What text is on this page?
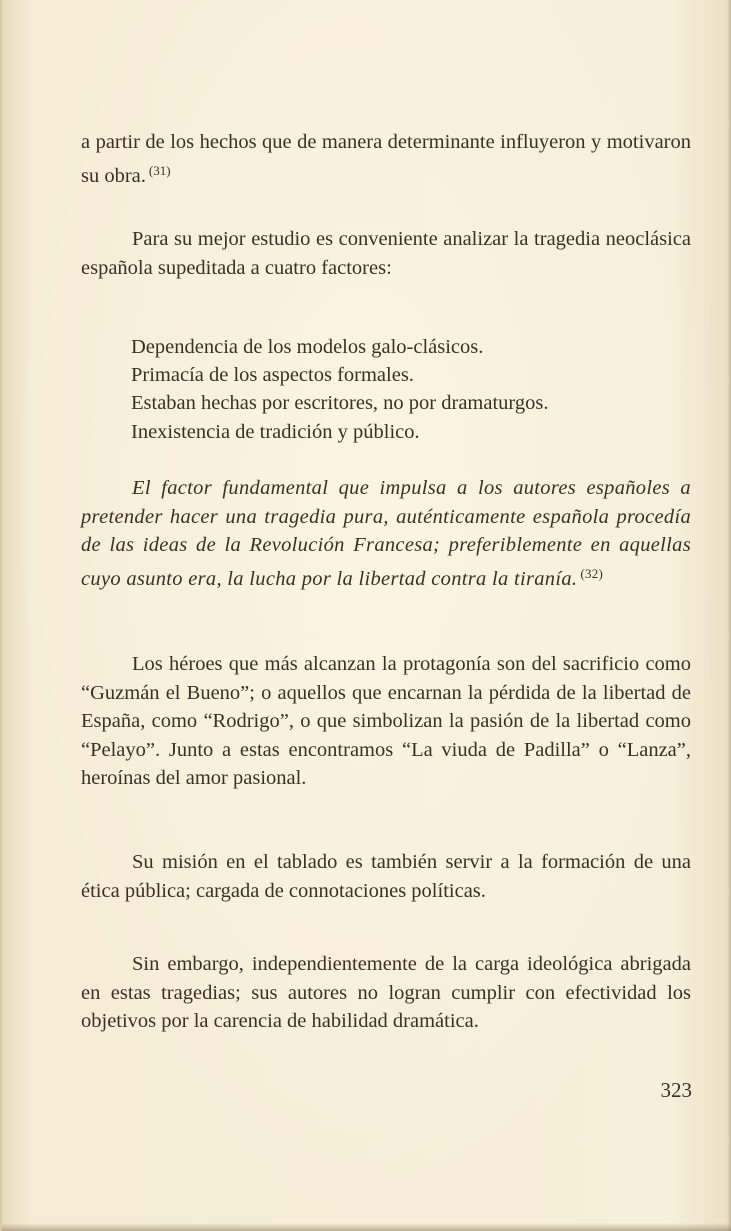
a partir de los hechos que de manera determinante influyeron y motivaron su obra. $^{(31)}$

Para su mejor estudio es conveniente analizar la tragedia neoclásica española supeditada a cuatro factores:

Dependencia de los modelos galo-clásicos.
Primacía de los aspectos formales.
Estaban hechas por escritores, no por dramaturgos.
Inexistencia de tradición y público.

El factor fundamental que impulsa a los autores españoles a pretender hacer una tragedia pura, auténticamente española procedía de las ideas de la Revolución Francesa; preferiblemente en aquellas cuyo asunto era, la lucha por la libertad contra la tiranía. $^{(32)}$

Los héroes que más alcanzan la protagonía son del sacrificio como “Guzmán el Bueno”; o aquellos que encarnan la pérdida de la libertad de España, como “Rodrigo”, o que simbolizan la pasión de la libertad como “Pelayo”. Junto a estas encontramos “La viuda de Padilla” o “Lanza”, heroínas del amor pasional.

Su misión en el tablado es también servir a la formación de una ética pública; cargada de connotaciones políticas.

Sin embargo, independientemente de la carga ideológica abrigada en estas tragedias; sus autores no logran cumplir con efectividad los objetivos por la carencia de habilidad dramática.

323
